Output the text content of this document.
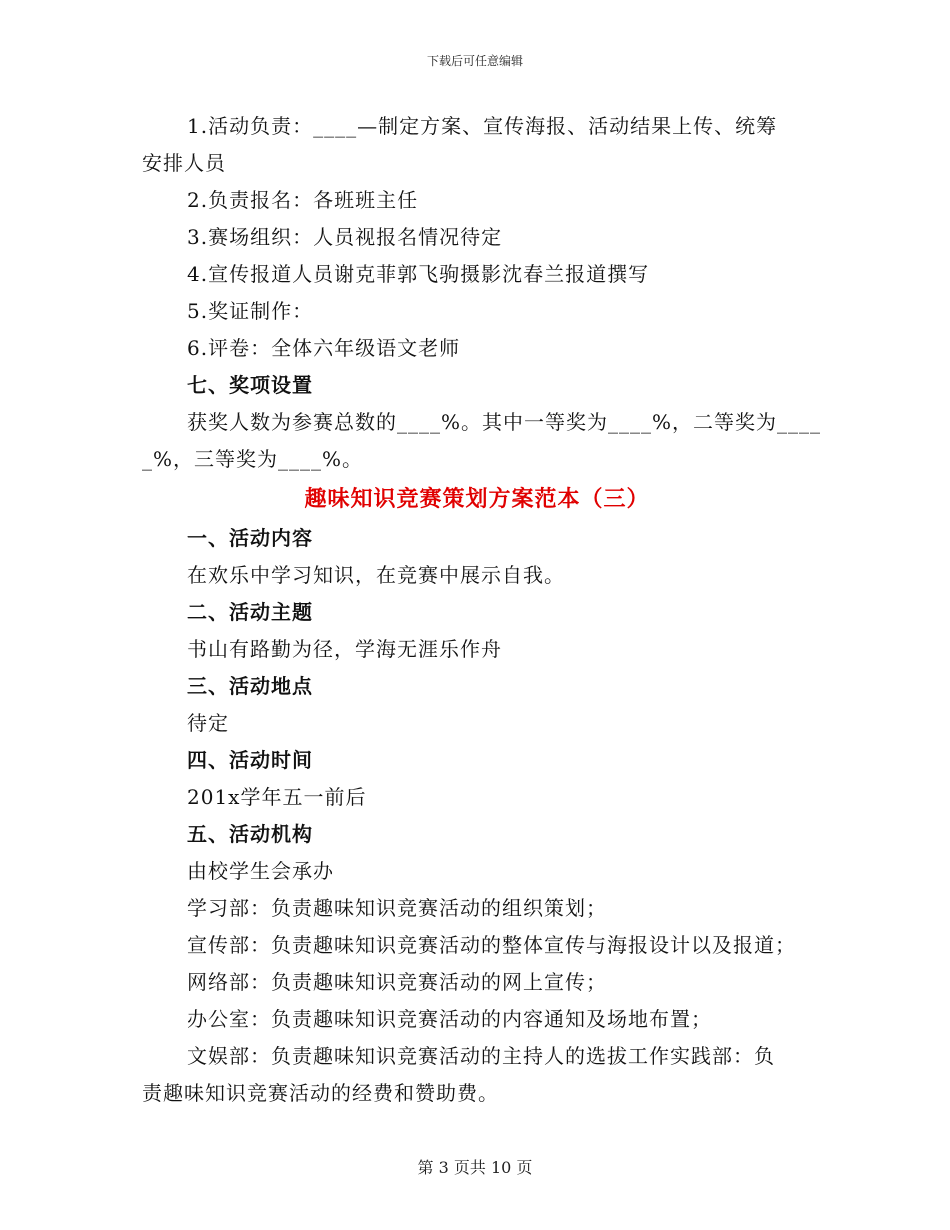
下载后可任意编辑
1.活动负责：____—制定方案、宣传海报、活动结果上传、统筹
安排人员
2.负责报名：各班班主任
3.赛场组织：人员视报名情况待定
4.宣传报道人员谢克菲郭飞驹摄影沈春兰报道撰写
5.奖证制作：
6.评卷：全体六年级语文老师
七、奖项设置
获奖人数为参赛总数的____%。其中一等奖为____%，二等奖为____
_%，三等奖为____%。
趣味知识竞赛策划方案范本（三）
一、活动内容
在欢乐中学习知识，在竞赛中展示自我。
二、活动主题
书山有路勤为径，学海无涯乐作舟
三、活动地点
待定
四、活动时间
201x学年五一前后
五、活动机构
由校学生会承办
学习部：负责趣味知识竞赛活动的组织策划；
宣传部：负责趣味知识竞赛活动的整体宣传与海报设计以及报道；
网络部：负责趣味知识竞赛活动的网上宣传；
办公室：负责趣味知识竞赛活动的内容通知及场地布置；
文娱部：负责趣味知识竞赛活动的主持人的选拔工作实践部：负
责趣味知识竞赛活动的经费和赞助费。
第 3 页共 10 页
